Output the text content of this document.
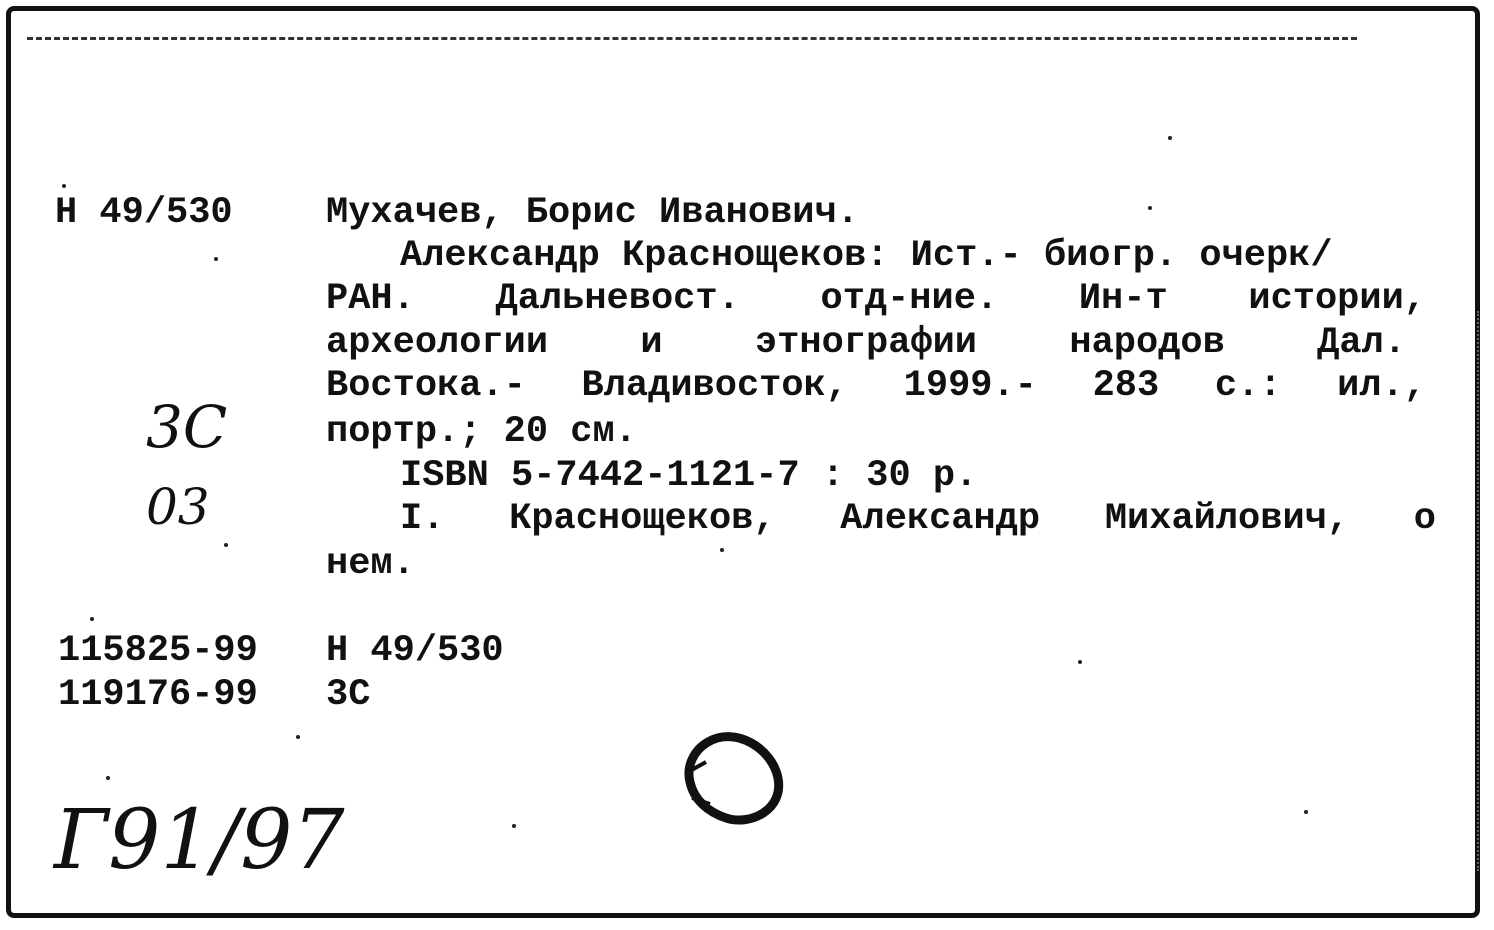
Н 49/530	Мухачев, Борис Иванович.
Александр Краснощеков: Ист.- биогр. очерк/
РАН. Дальневост. отд-ние. Ин-т истории,
археологии и этнографии народов Дал.
Востока.- Владивосток, 1999.- 283 с.: ил.,
портр.; 20 см.
ISBN 5-7442-1121-7 : 30 р.
I. Краснощеков, Александр Михайлович, о
нем.
115825-99 Н 49/530
119176-99 3С
3С
03
Г91/97
